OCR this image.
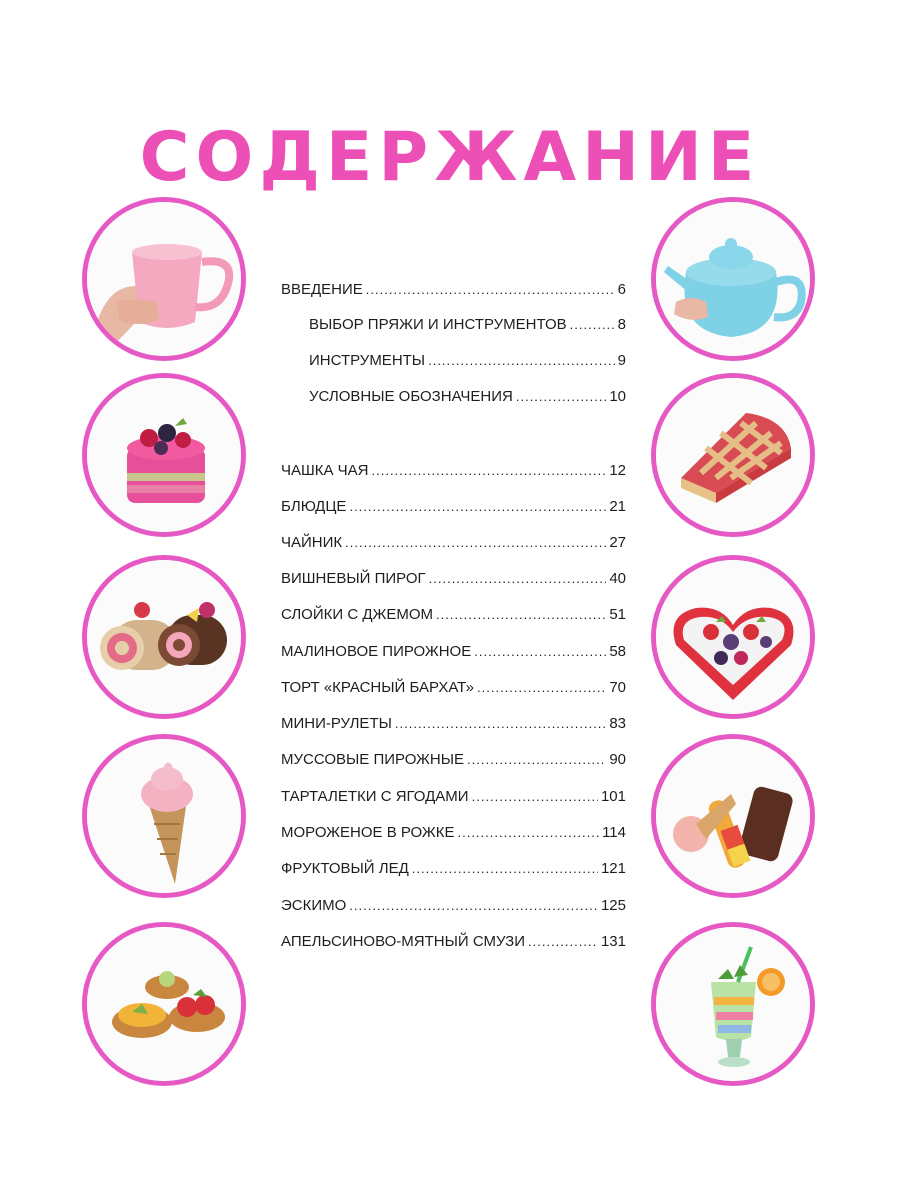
СОДЕРЖАНИЕ
ВВЕДЕНИЕ .....	6
ВЫБОР ПРЯЖИ И ИНСТРУМЕНТОВ .....	8
ИНСТРУМЕНТЫ .....	9
УСЛОВНЫЕ ОБОЗНАЧЕНИЯ .....	10
ЧАШКА ЧАЯ .....	12
БЛЮДЦЕ .....	21
ЧАЙНИК .....	27
ВИШНЕВЫЙ ПИРОГ .....	40
СЛОЙКИ С ДЖЕМОМ .....	51
МАЛИНОВОЕ ПИРОЖНОЕ .....	58
ТОРТ «КРАСНЫЙ БАРХАТ» .....	70
МИНИ-РУЛЕТЫ .....	83
МУССОВЫЕ ПИРОЖНЫЕ .....	90
ТАРТАЛЕТКИ С ЯГОДАМИ .....	101
МОРОЖЕНОЕ В РОЖКЕ .....	114
ФРУКТОВЫЙ ЛЕД .....	121
ЭСКИМО .....	125
АПЕЛЬСИНОВО-МЯТНЫЙ СМУЗИ .....	131
